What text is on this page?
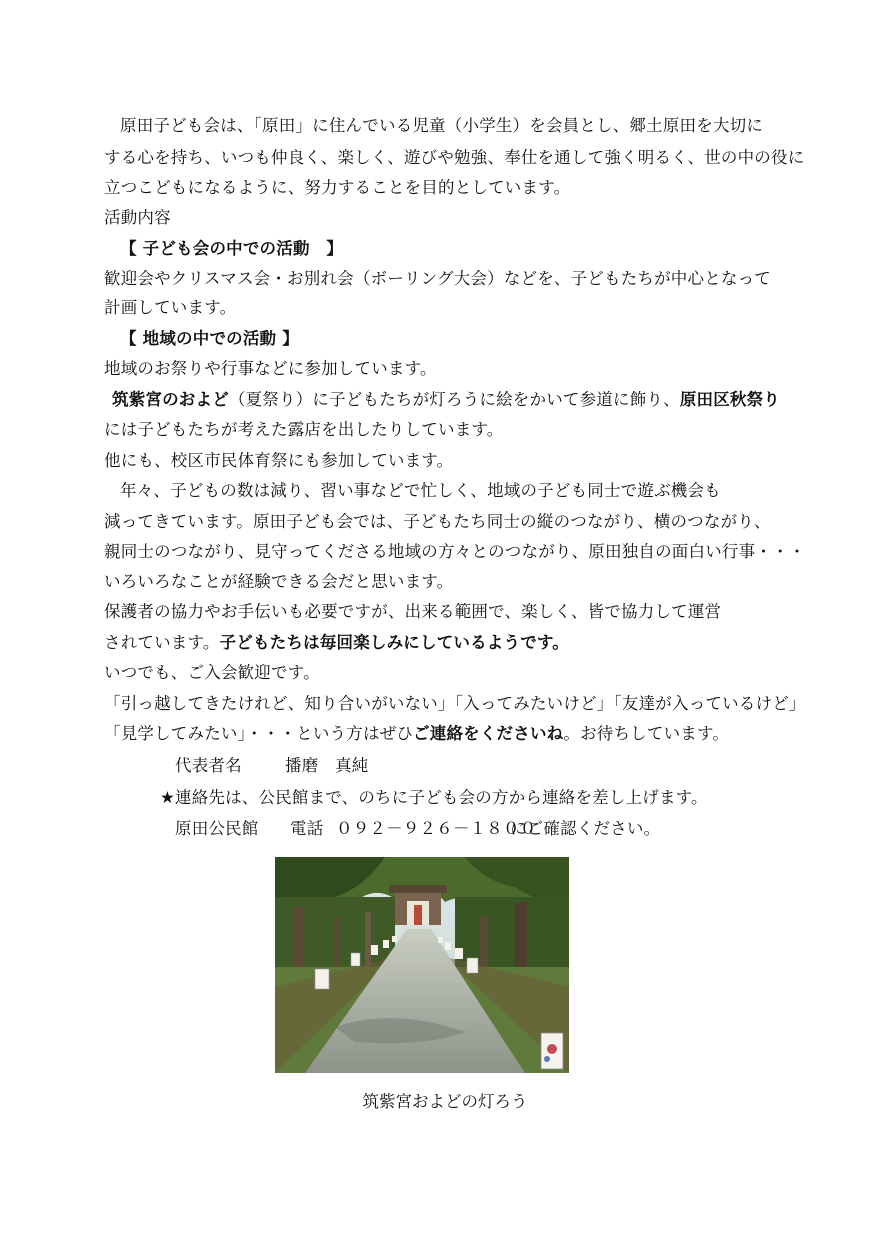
原田子ども会は、「原田」に住んでいる児童（小学生）を会員とし、郷土原田を大切に
する心を持ち、いつも仲良く、楽しく、遊びや勉強、奉仕を通して強く明るく、世の中の役に
立つこどもになるように、努力することを目的としています。
活動内容
【 子ども会の中での活動　】
歓迎会やクリスマス会・お別れ会（ボーリング大会）などを、子どもたちが中心となって
計画しています。
【 地域の中での活動 】
地域のお祭りや行事などに参加しています。
筑紫宮のおよど（夏祭り）に子どもたちが灯ろうに絵をかいて参道に飾り、原田区秋祭り
には子どもたちが考えた露店を出したりしています。
他にも、校区市民体育祭にも参加しています。
年々、子どもの数は減り、習い事などで忙しく、地域の子ども同士で遊ぶ機会も
減ってきています。原田子ども会では、子どもたち同士の縦のつながり、横のつながり、
親同士のつながり、見守ってくださる地域の方々とのつながり、原田独自の面白い行事・・・
いろいろなことが経験できる会だと思います。
保護者の協力やお手伝いも必要ですが、出来る範囲で、楽しく、皆で協力して運営
されています。子どもたちは毎回楽しみにしているようです。
いつでも、ご入会歓迎です。
「引っ越してきたけれど、知り合いがいない」「入ってみたいけど」「友達が入っているけど」
「見学してみたい」・・・という方はぜひご連絡をくださいね。お待ちしています。
代表者名	播磨　真純
★連絡先は、公民館まで、のちに子ども会の方から連絡を差し上げます。
原田公民館 電話 ０９２－９２６－１８００
にご確認ください。
筑紫宮およどの灯ろう
